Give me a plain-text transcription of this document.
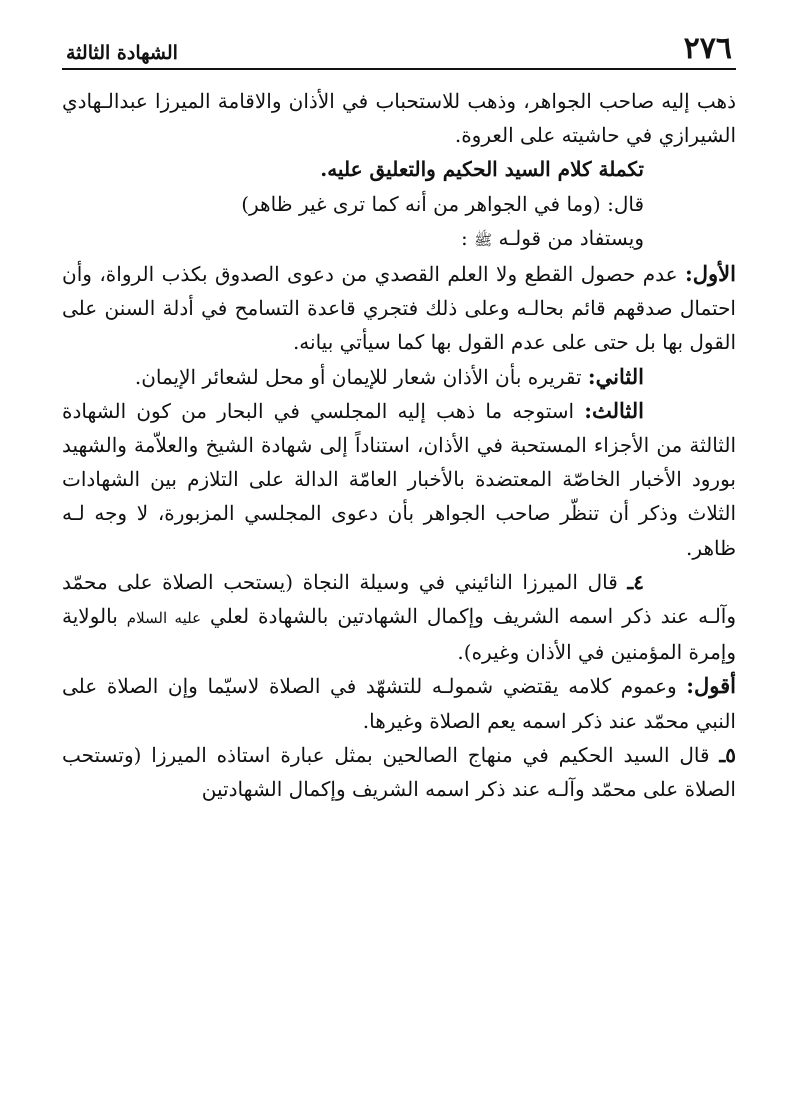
٢٧٦
الشهادة الثالثة

ذهب إليه صاحب الجواهر، وذهب للاستحباب في الأذان والاقامة الميرزا عبدالـهادي الشيرازي في حاشيته على العروة.

تكملة كلام السيد الحكيم والتعليق عليه.

قال: (وما في الجواهر من أنه كما ترى غير ظاهر)

ويستفاد من قولـه ﷺ :

الأول: عدم حصول القطع ولا العلم القصدي من دعوى الصدوق بكذب الرواة، وأن احتمال صدقهم قائم بحالـه وعلى ذلك فتجري قاعدة التسامح في أدلة السنن على القول بها بل حتى على عدم القول بها كما سيأتي بيانه.

الثاني: تقريره بأن الأذان شعار للإيمان أو محل لشعائر الإيمان.

الثالث: استوجه ما ذهب إليه المجلسي في البحار من كون الشهادة الثالثة من الأجزاء المستحبة في الأذان، استناداً إلى شهادة الشيخ والعلاّمة والشهيد بورود الأخبار الخاصّة المعتضدة بالأخبار العامّة الدالة على التلازم بين الشهادات الثلاث وذكر أن تنظّر صاحب الجواهر بأن دعوى المجلسي المزبورة، لا وجه لـه ظاهر.

٤ـ قال الميرزا النائيني في وسيلة النجاة (يستحب الصلاة على محمّد وآلـه عند ذكر اسمه الشريف وإكمال الشهادتين بالشهادة لعلي عليه السلام بالولاية وإمرة المؤمنين في الأذان وغيره).

أقول: وعموم كلامه يقتضي شمولـه للتشهّد في الصلاة لاسيّما وإن الصلاة على النبي محمّد عند ذكر اسمه يعم الصلاة وغيرها.

٥ـ قال السيد الحكيم في منهاج الصالحين بمثل عبارة استاذه الميرزا (وتستحب الصلاة على محمّد وآلـه عند ذكر اسمه الشريف وإكمال الشهادتين
